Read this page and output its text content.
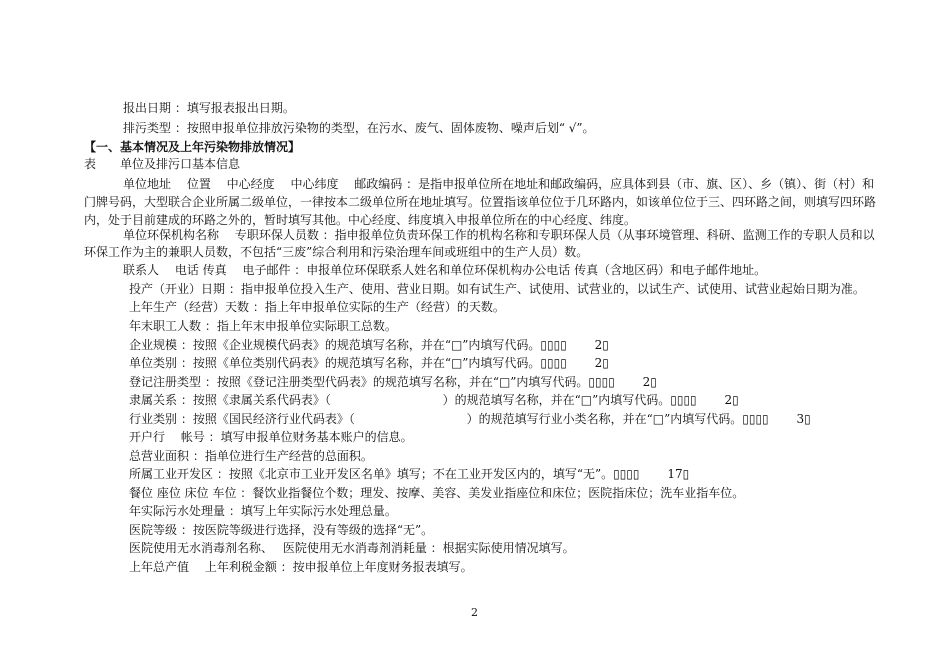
报出日期 ：填写报表报出日期。
排污类型 ：按照申报单位排放污染物的类型，在污水、废气、固体废物、噪声后划“ √”。
【一、基本情况及上年污染物排放情况】
表　　单位及排污口基本信息
单位地址　 位置　 中心经度　 中心纬度　 邮政编码 ：是指申报单位所在地址和邮政编码，应具体到县（市、旗、区）、乡（镇）、街（村）和
门牌号码，大型联合企业所属二级单位，一律按本二级单位所在地址填写。位置指该单位位于几环路内，如该单位位于三、四环路之间，则填写四环路
内，处于目前建成的环路之外的，暂时填写其他。中心经度、纬度填入申报单位所在的中心经度、纬度。
单位环保机构名称　 专职环保人员数 ：指申报单位负责环保工作的机构名称和专职环保人员（从事环境管理、科研、监测工作的专职人员和以
环保工作为主的兼职人员数，不包括“三废”综合利用和污染治理车间或班组中的生产人员）数。
联系人　 电话 传真　 电子邮件 ：申报单位环保联系人姓名和单位环保机构办公电话 传真（含地区码）和电子邮件地址。
投产（开业）日期 ：指申报单位投入生产、使用、营业日期。如有试生产、试使用、试营业的，以试生产、试使用、试营业起始日期为准。
上年生产（经营）天数 ：指上年申报单位实际的生产（经营）的天数。
年末职工人数 ：指上年末申报单位实际职工总数。
企业规模 ：按照《企业规模代码表》的规范填写名称，并在“□”内填写代码。▯▯▯▯　　 2▯
单位类别 ：按照《单位类别代码表》的规范填写名称，并在“□”内填写代码。▯▯▯▯　　 2▯
登记注册类型 ：按照《登记注册类型代码表》的规范填写名称，并在“□”内填写代码。▯▯▯▯　　 2▯
隶属关系 ：按照《隶属关系代码表》（　　　　　　　　　 ）的规范填写名称，并在“□”内填写代码。▯▯▯▯　　 2▯
行业类别 ：按照《国民经济行业代码表》（　　　　　　　　　 ）的规范填写行业小类名称，并在“□”内填写代码。▯▯▯▯　　 3▯
开户行　 帐号 ：填写申报单位财务基本账户的信息。
总营业面积 ：指单位进行生产经营的总面积。
所属工业开发区 ：按照《北京市工业开发区名单》填写；不在工业开发区内的，填写“无”。▯▯▯▯　　 17▯
餐位 座位 床位 车位 ：餐饮业指餐位个数；理发、按摩、美容、美发业指座位和床位；医院指床位；洗车业指车位。
年实际污水处理量 ：填写上年实际污水处理总量。
医院等级 ：按医院等级进行选择，没有等级的选择“无”。
医院使用无水消毒剂名称、　 医院使用无水消毒剂消耗量 ：根据实际使用情况填写。
上年总产值　 上年利税金额 ：按申报单位上年度财务报表填写。
2
